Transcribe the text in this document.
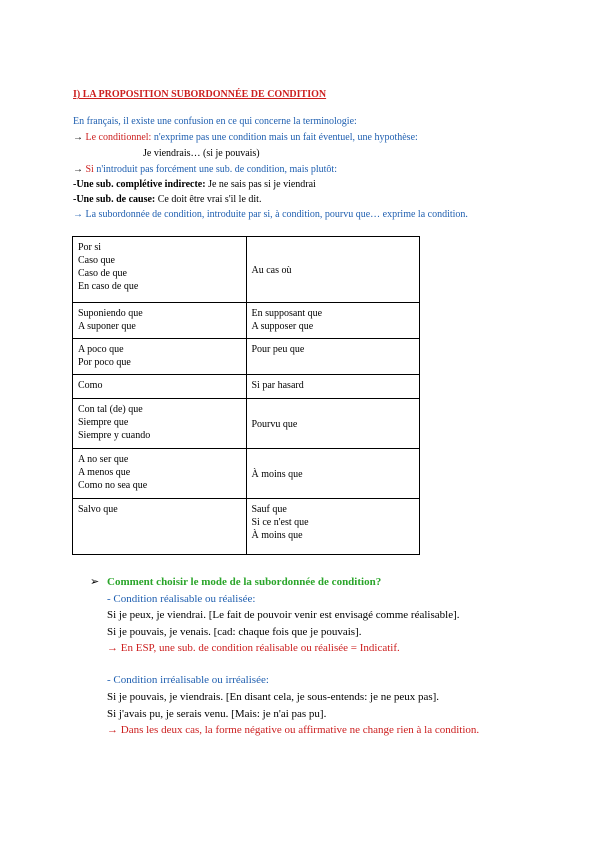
I) LA PROPOSITION SUBORDONNÉE DE CONDITION
En français, il existe une confusion en ce qui concerne la terminologie:
→ Le conditionnel: n'exprime pas une condition mais un fait éventuel, une hypothèse:
Je viendrais… (si je pouvais)
→ Si n'introduit pas forcément une sub. de condition, mais plutôt:
-Une sub. complétive indirecte: Je ne sais pas si je viendrai
-Une sub. de cause: Ce doit être vrai s'il le dit.
→ La subordonnée de condition, introduite par si, à condition, pourvu que… exprime la condition.
Por si
Caso que
Caso de que
En caso de que	Au cas où

Suponiendo que
A suponer que	En supposant que
A supposer que

A poco que
Por poco que	Pour peu que

Como	Si par hasard

Con tal (de) que
Siempre que
Siempre y cuando	Pourvu que

A no ser que
A menos que
Como no sea que	À moins que

Salvo que	Sauf que
Si ce n'est que
À moins que
➢ Comment choisir le mode de la subordonnée de condition?
- Condition réalisable ou réalisée:
Si je peux, je viendrai. [Le fait de pouvoir venir est envisagé comme réalisable].
Si je pouvais, je venais. [cad: chaque fois que je pouvais].
→ En ESP, une sub. de condition réalisable ou réalisée = Indicatif.
- Condition irréalisable ou irréalisée:
Si je pouvais, je viendrais. [En disant cela, je sous-entends: je ne peux pas].
Si j'avais pu, je serais venu. [Mais: je n'ai pas pu].
→ Dans les deux cas, la forme négative ou affirmative ne change rien à la condition.
